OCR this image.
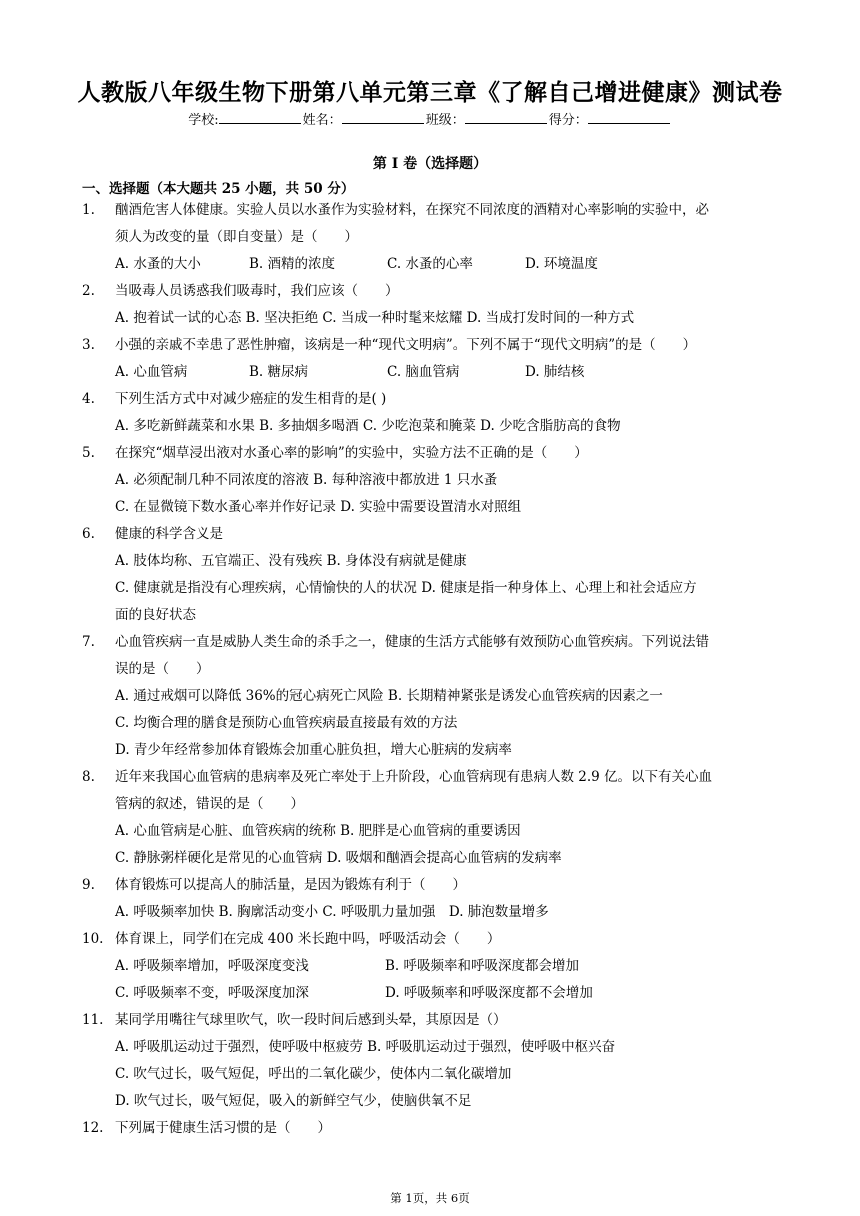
人教版八年级生物下册第八单元第三章《了解自己增进健康》测试卷
学校:	姓名：	班级：	得分：
第 I 卷（选择题）
一、选择题（本大题共 25 小题，共 50 分）
1. 酗酒危害人体健康。实验人员以水蚤作为实验材料，在探究不同浓度的酒精对心率影响的实验中，必
须人为改变的量（即自变量）是（　　）
A. 水蚤的大小	B. 酒精的浓度	C. 水蚤的心率	D. 环境温度
2. 当吸毒人员诱惑我们吸毒时，我们应该（　　）
A. 抱着试一试的心态 B. 坚决拒绝 C. 当成一种时髦来炫耀 D. 当成打发时间的一种方式
3. 小强的亲戚不幸患了恶性肿瘤，该病是一种“现代文明病”。下列不属于“现代文明病”的是（　　）
A. 心血管病	B. 糖尿病	C. 脑血管病	D. 肺结核
4. 下列生活方式中对减少癌症的发生相背的是( )
A. 多吃新鲜蔬菜和水果 B. 多抽烟多喝酒 C. 少吃泡菜和腌菜 D. 少吃含脂肪高的食物
5. 在探究“烟草浸出液对水蚤心率的影响”的实验中，实验方法不正确的是（　　）
A. 必须配制几种不同浓度的溶液 B. 每种溶液中都放进 1 只水蚤
C. 在显微镜下数水蚤心率并作好记录 D. 实验中需要设置清水对照组
6. 健康的科学含义是
A. 肢体均称、五官端正、没有残疾 B. 身体没有病就是健康
C. 健康就是指没有心理疾病，心情愉快的人的状况 D. 健康是指一种身体上、心理上和社会适应方
面的良好状态
7. 心血管疾病一直是威胁人类生命的杀手之一，健康的生活方式能够有效预防心血管疾病。下列说法错
误的是（　　）
A. 通过戒烟可以降低 36%的冠心病死亡风险 B. 长期精神紧张是诱发心血管疾病的因素之一
C. 均衡合理的膳食是预防心血管疾病最直接最有效的方法
D. 青少年经常参加体育锻炼会加重心脏负担，增大心脏病的发病率
8. 近年来我国心血管病的患病率及死亡率处于上升阶段，心血管病现有患病人数 2.9 亿。以下有关心血
管病的叙述，错误的是（　　）
A. 心血管病是心脏、血管疾病的统称 B. 肥胖是心血管病的重要诱因
C. 静脉粥样硬化是常见的心血管病 D. 吸烟和酗酒会提高心血管病的发病率
9. 体育锻炼可以提高人的肺活量，是因为锻炼有利于（　　）
A. 呼吸频率加快 B. 胸廓活动变小 C. 呼吸肌力量加强　D. 肺泡数量增多
10. 体育课上，同学们在完成 400 米长跑中吗，呼吸活动会（　　）
A. 呼吸频率增加，呼吸深度变浅	B. 呼吸频率和呼吸深度都会增加
C. 呼吸频率不变，呼吸深度加深	D. 呼吸频率和呼吸深度都不会增加
11. 某同学用嘴往气球里吹气，吹一段时间后感到头晕，其原因是（）
A. 呼吸肌运动过于强烈，使呼吸中枢疲劳 B. 呼吸肌运动过于强烈，使呼吸中枢兴奋
C. 吹气过长，吸气短促，呼出的二氧化碳少，使体内二氧化碳增加
D. 吹气过长，吸气短促，吸入的新鲜空气少，使脑供氧不足
12. 下列属于健康生活习惯的是（　　）
第 1页，共 6页
